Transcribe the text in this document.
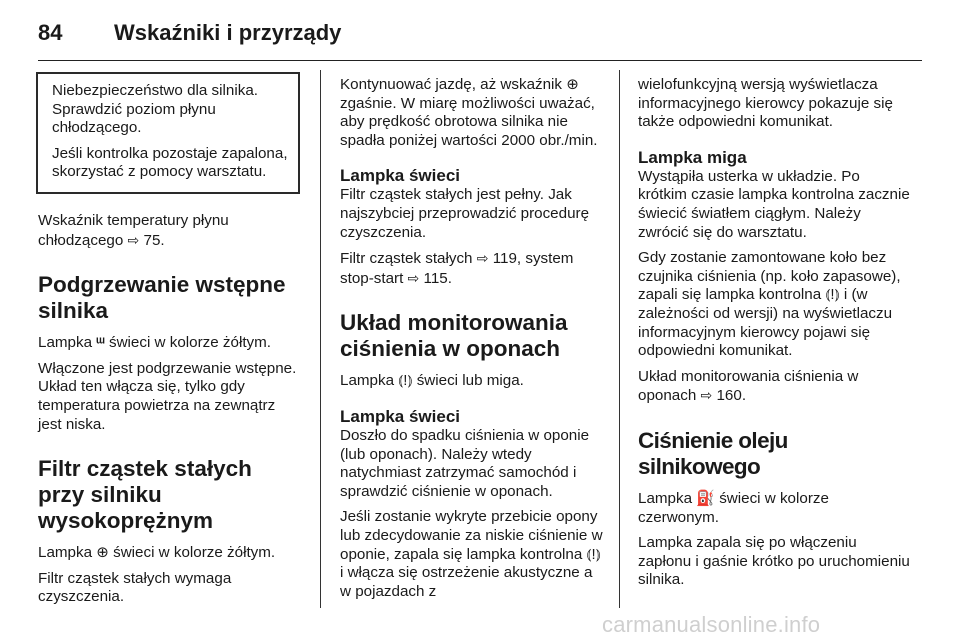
84 Wskaźniki i przyrządy

Niebezpieczeństwo dla silnika. Sprawdzić poziom płynu chłodzącego.

Jeśli kontrolka pozostaje zapalona, skorzystać z pomocy warsztatu.

Wskaźnik temperatury płynu chłodzącego ⇨ 75.

Podgrzewanie wstępne silnika

Lampka ᵚ świeci w kolorze żółtym.

Włączone jest podgrzewanie wstępne. Układ ten włącza się, tylko gdy temperatura powietrza na zewnątrz jest niska.

Filtr cząstek stałych przy silniku wysokoprężnym

Lampka ⊕ świeci w kolorze żółtym.

Filtr cząstek stałych wymaga czyszczenia.

Kontynuować jazdę, aż wskaźnik ⊕ zgaśnie. W miarę możliwości uważać, aby prędkość obrotowa silnika nie spadła poniżej wartości 2000 obr./min.

Lampka świeci

Filtr cząstek stałych jest pełny. Jak najszybciej przeprowadzić procedurę czyszczenia.

Filtr cząstek stałych ⇨ 119, system stop-start ⇨ 115.

Układ monitorowania ciśnienia w oponach

Lampka ⦅!⦆ świeci lub miga.

Lampka świeci

Doszło do spadku ciśnienia w oponie (lub oponach). Należy wtedy natychmiast zatrzymać samochód i sprawdzić ciśnienie w oponach.

Jeśli zostanie wykryte przebicie opony lub zdecydowanie za niskie ciśnienie w oponie, zapala się lampka kontrolna ⦅!⦆ i włącza się ostrzeżenie akustyczne a w pojazdach z

wielofunkcyjną wersją wyświetlacza informacyjnego kierowcy pokazuje się także odpowiedni komunikat.

Lampka miga

Wystąpiła usterka w układzie. Po krótkim czasie lampka kontrolna zacznie świecić światłem ciągłym. Należy zwrócić się do warsztatu.

Gdy zostanie zamontowane koło bez czujnika ciśnienia (np. koło zapasowe), zapali się lampka kontrolna ⦅!⦆ i (w zależności od wersji) na wyświetlaczu informacyjnym kierowcy pojawi się odpowiedni komunikat.

Układ monitorowania ciśnienia w oponach ⇨ 160.

Ciśnienie oleju silnikowego

Lampka ⛽ świeci w kolorze czerwonym.

Lampka zapala się po włączeniu zapłonu i gaśnie krótko po uruchomieniu silnika.

carmanualsonline.info
